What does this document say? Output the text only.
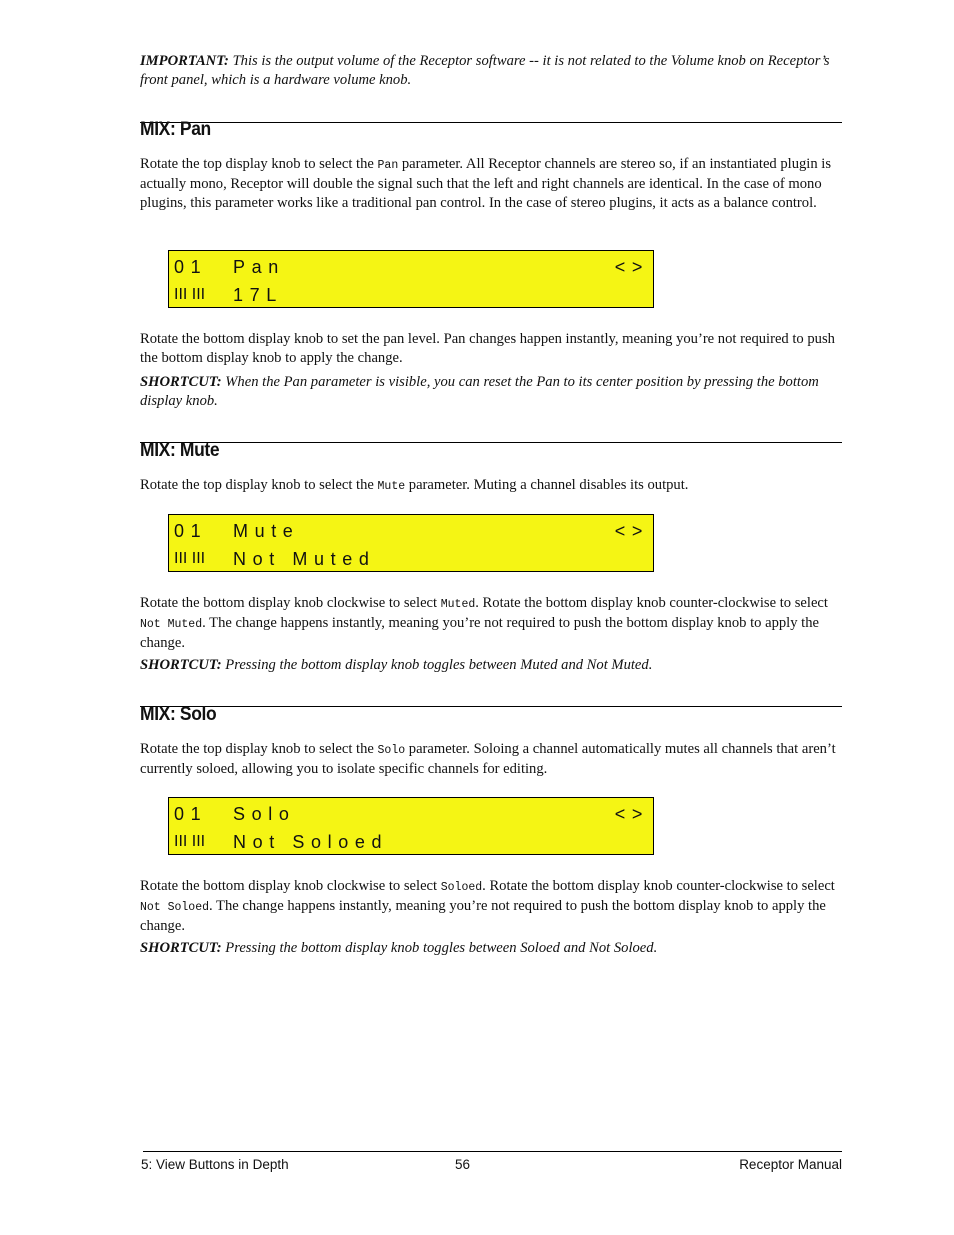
IMPORTANT: This is the output volume of the Receptor software -- it is not related to the Volume knob on Receptor’s front panel, which is a hardware volume knob.

MIX: Pan

Rotate the top display knob to select the Pan parameter. All Receptor channels are stereo so, if an instantiated plugin is actually mono, Receptor will double the signal such that the left and right channels are identical. In the case of mono plugins, this parameter works like a traditional pan control. In the case of stereo plugins, it acts as a balance control.

01 Pan	<>
III III 17L

Rotate the bottom display knob to set the pan level. Pan changes happen instantly, meaning you’re not required to push the bottom display knob to apply the change.

SHORTCUT: When the Pan parameter is visible, you can reset the Pan to its center position by pressing the bottom display knob.

MIX: Mute

Rotate the top display knob to select the Mute parameter. Muting a channel disables its output.

01 Mute	<>
III III Not Muted

Rotate the bottom display knob clockwise to select Muted. Rotate the bottom display knob counter-clockwise to select Not Muted. The change happens instantly, meaning you’re not required to push the bottom display knob to apply the change.

SHORTCUT: Pressing the bottom display knob toggles between Muted and Not Muted.

MIX: Solo

Rotate the top display knob to select the Solo parameter. Soloing a channel automatically mutes all channels that aren’t currently soloed, allowing you to isolate specific channels for editing.

01 Solo	<>
III III Not Soloed

Rotate the bottom display knob clockwise to select Soloed. Rotate the bottom display knob counter-clockwise to select Not Soloed. The change happens instantly, meaning you’re not required to push the bottom display knob to apply the change.

SHORTCUT: Pressing the bottom display knob toggles between Soloed and Not Soloed.

5: View Buttons in Depth	56	Receptor Manual
